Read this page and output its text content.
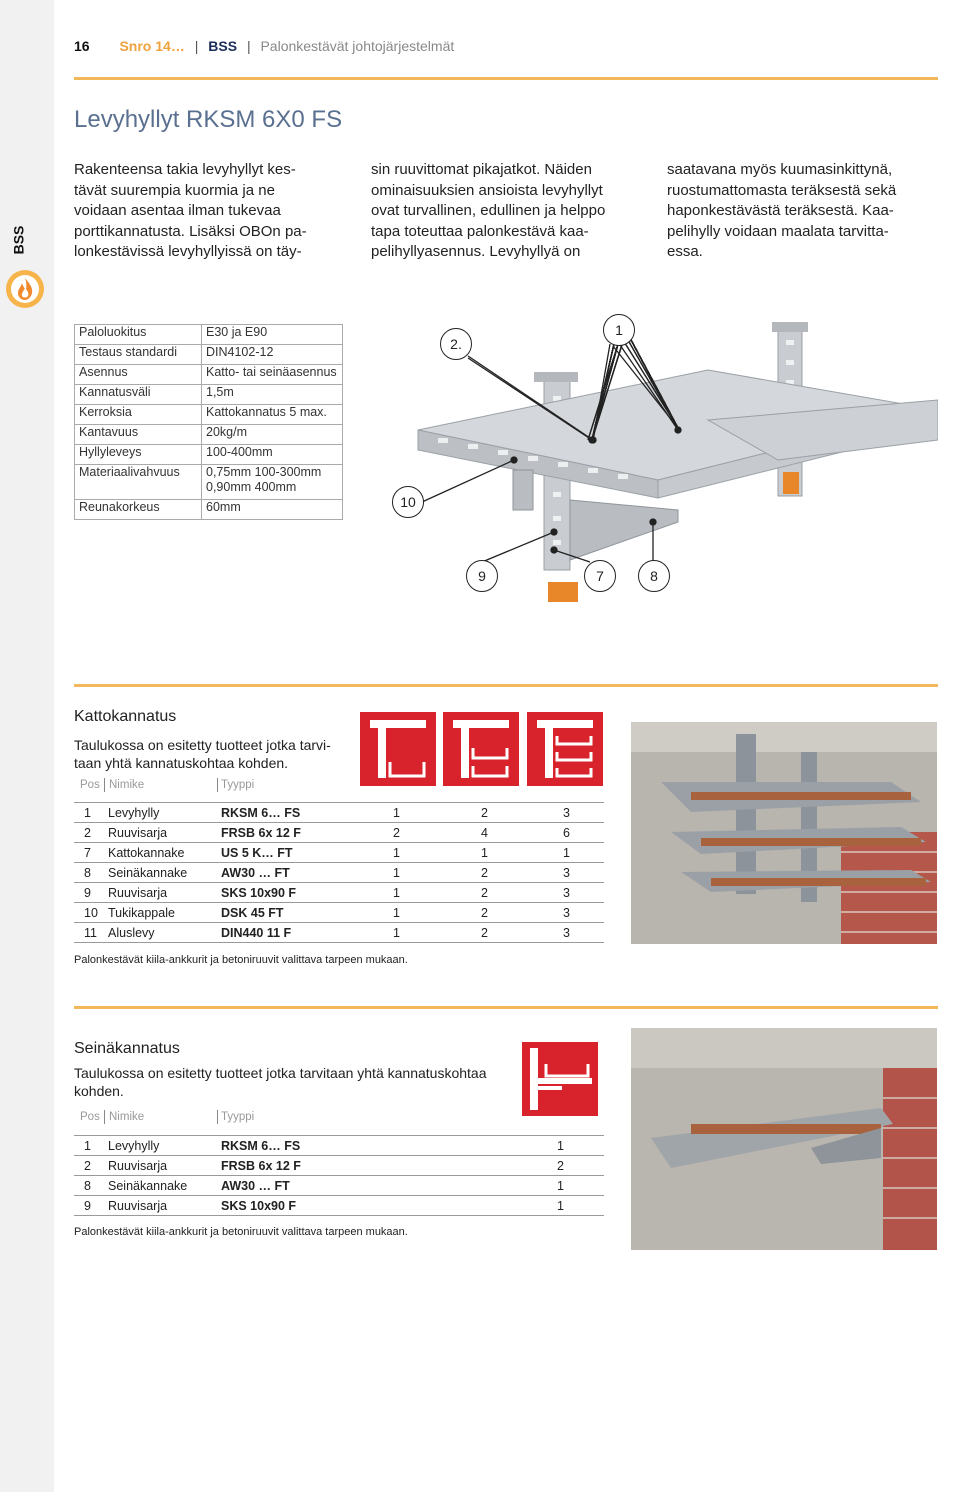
BSS
16 Snro 14… | BSS | Palonkestävät johtojärjestelmät
Levyhyllyt RKSM 6X0 FS
Rakenteensa takia levyhyllyt kes-
tävät suurempia kuormia ja ne
voidaan asentaa ilman tukevaa
porttikannatusta. Lisäksi OBOn pa-
lonkestävissä levyhyllyissä on täy-
sin ruuvittomat pikajatkot. Näiden
ominaisuuksien ansioista levyhyllyt
ovat turvallinen, edullinen ja helppo
tapa toteuttaa palonkestävä kaa-
pelihyllyasennus. Levyhyllyä on
saatavana myös kuumasinkittynä,
ruostumattomasta teräksestä sekä
haponkestävästä teräksestä. Kaa-
pelihylly voidaan maalata tarvitta-
essa.
Paloluokitus	E30 ja E90
Testaus standardi	DIN4102-12
Asennus	Katto- tai seinäasennus
Kannatusväli	1,5m
Kerroksia	Kattokannatus 5 max.
Kantavuus	20kg/m
Hyllyleveys	100-400mm
Materiaalivahvuus	0,75mm 100-300mm
0,90mm 400mm
Reunakorkeus	60mm
1
2.
10
9	7	8
Kattokannatus
Taulukossa on esitetty tuotteet jotka tarvi-
taan yhtä kannatuskohtaa kohden.
Pos Nimike	Tyyppi
1	Levyhylly	RKSM 6… FS	1	2	3
2	Ruuvisarja	FRSB 6x 12 F	2	4	6
7	Kattokannake	US 5 K… FT	1	1	1
8	Seinäkannake	AW30 … FT	1	2	3
9	Ruuvisarja	SKS 10x90 F	1	2	3
10	Tukikappale	DSK 45 FT	1	2	3
11	Aluslevy	DIN440 11 F	1	2	3
Palonkestävät kiila-ankkurit ja betoniruuvit valittava tarpeen mukaan.
Seinäkannatus
Taulukossa on esitetty tuotteet jotka tarvitaan yhtä kannatuskohtaa
kohden.
Pos Nimike	Tyyppi
1	Levyhylly	RKSM 6… FS	1
2	Ruuvisarja	FRSB 6x 12 F	2
8	Seinäkannake	AW30 … FT	1
9	Ruuvisarja	SKS 10x90 F	1
Palonkestävät kiila-ankkurit ja betoniruuvit valittava tarpeen mukaan.
